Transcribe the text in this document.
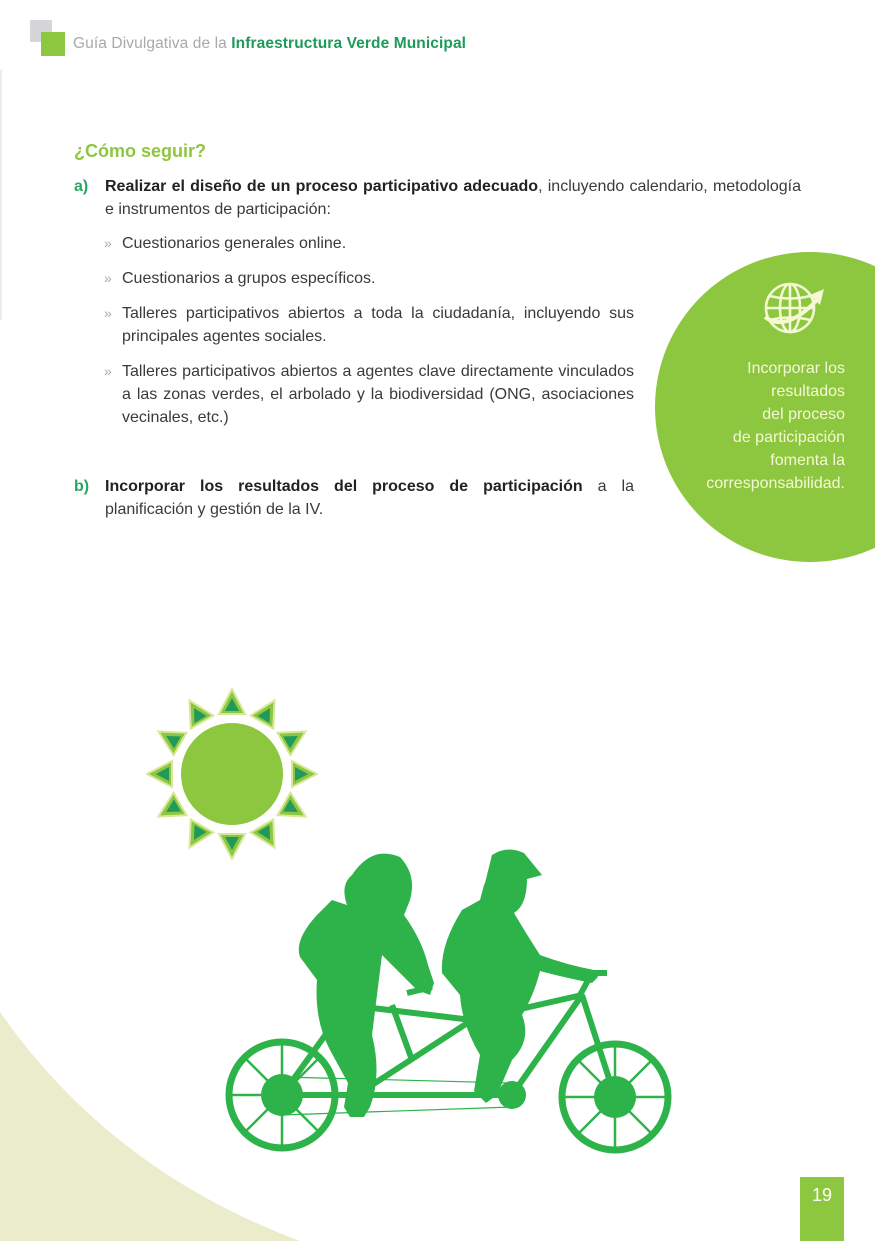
Guía Divulgativa de la Infraestructura Verde Municipal
¿Cómo seguir?
a) Realizar el diseño de un proceso participativo adecuado, incluyendo calendario, metodología e instrumentos de participación:

» Cuestionarios generales online.
» Cuestionarios a grupos específicos.
» Talleres participativos abiertos a toda la ciudadanía, incluyendo sus principales agentes sociales.
» Talleres participativos abiertos a agentes clave directamente vinculados a las zonas verdes, el arbolado y la biodiversidad (ONG, asociaciones vecinales, etc.)
b) Incorporar los resultados del proceso de participación a la planificación y gestión de la IV.

Incorporar los
resultados
del proceso
de participación
fomenta la
corresponsabilidad.
19
